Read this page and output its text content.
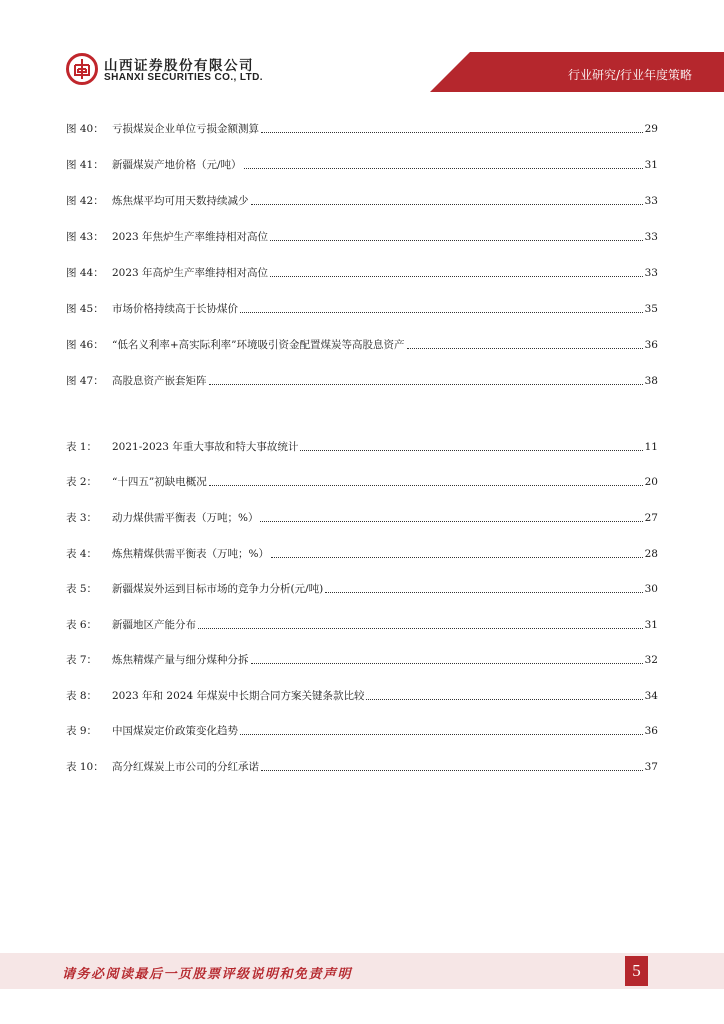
山西证券股份有限公司
SHANXI SECURITIES CO., LTD.	行业研究/行业年度策略
图 40： 亏损煤炭企业单位亏损金额测算	29
图 41： 新疆煤炭产地价格（元/吨）	31
图 42： 炼焦煤平均可用天数持续减少	33
图 43： 2023 年焦炉生产率维持相对高位	33
图 44： 2023 年高炉生产率维持相对高位	33
图 45： 市场价格持续高于长协煤价	35
图 46： “低名义利率+高实际利率”环境吸引资金配置煤炭等高股息资产	36
图 47： 高股息资产嵌套矩阵	38
表 1：	2021-2023 年重大事故和特大事故统计	11
表 2：	“十四五”初缺电概况	20
表 3：	动力煤供需平衡表（万吨；%）	27
表 4：	炼焦精煤供需平衡表（万吨；%）	28
表 5：	新疆煤炭外运到目标市场的竞争力分析(元/吨)	30
表 6：	新疆地区产能分布	31
表 7：	炼焦精煤产量与细分煤种分拆	32
表 8：	2023 年和 2024 年煤炭中长期合同方案关键条款比较	34
表 9：	中国煤炭定价政策变化趋势	36
表 10： 高分红煤炭上市公司的分红承诺	37
请务必阅读最后一页股票评级说明和免责声明	5
